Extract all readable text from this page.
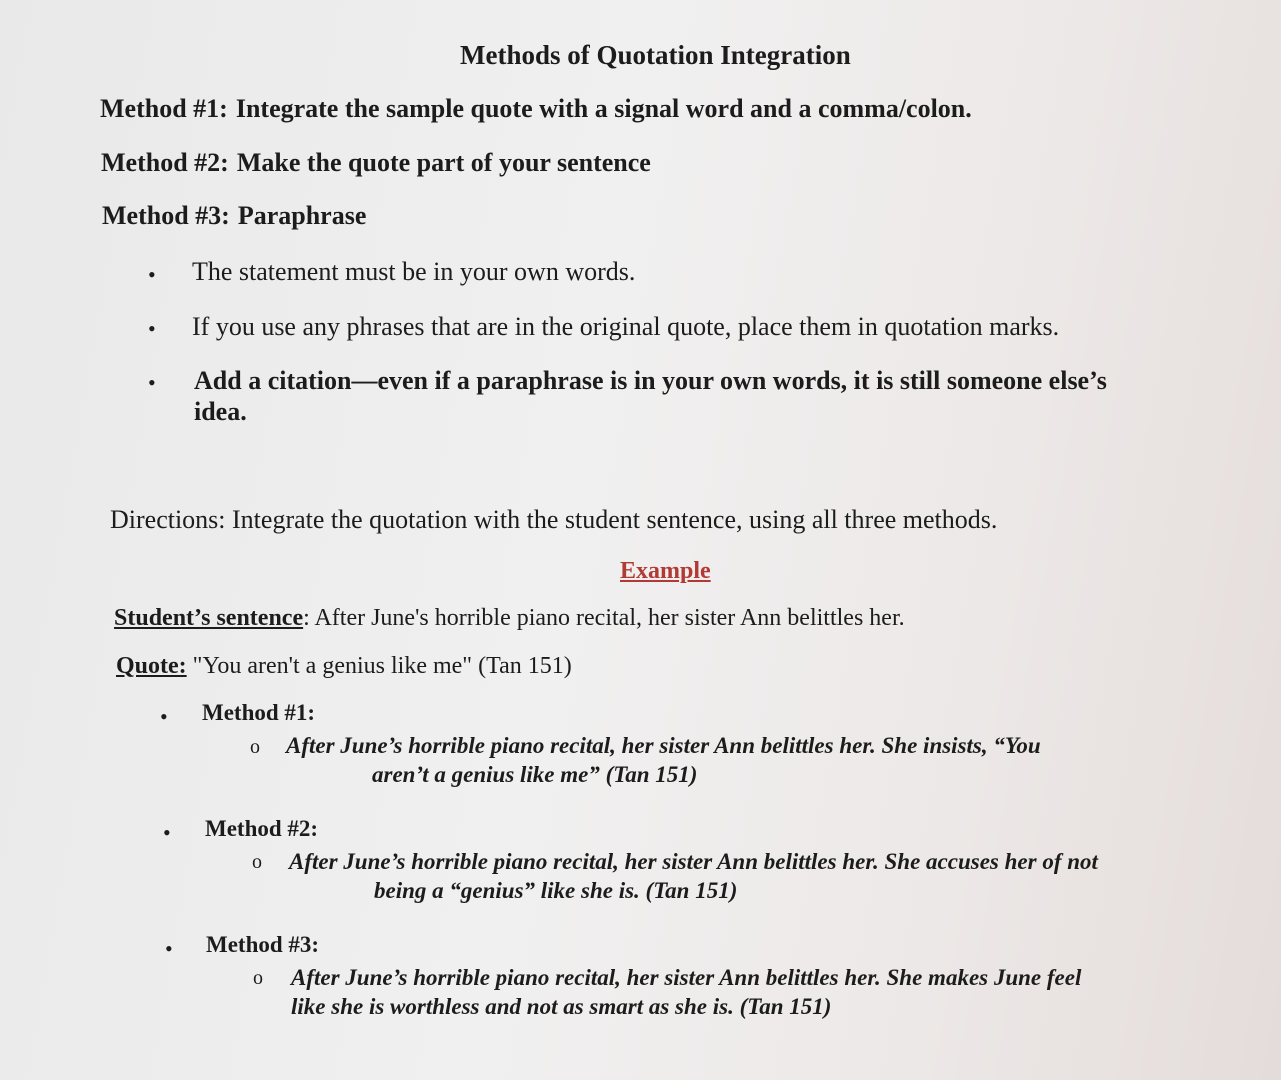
Methods of Quotation Integration
Method #1: Integrate the sample quote with a signal word and a comma/colon.
Method #2: Make the quote part of your sentence
Method #3: Paraphrase
• The statement must be in your own words.
• If you use any phrases that are in the original quote, place them in quotation marks.
• Add a citation—even if a paraphrase is in your own words, it is still someone else’s
idea.
Directions: Integrate the quotation with the student sentence, using all three methods.
Example
Student’s sentence: After June's horrible piano recital, her sister Ann belittles her.
Quote: "You aren't a genius like me" (Tan 151)
• Method #1:
o After June’s horrible piano recital, her sister Ann belittles her. She insists, “You
aren’t a genius like me” (Tan 151)
• Method #2:
o After June’s horrible piano recital, her sister Ann belittles her. She accuses her of not
being a “genius” like she is. (Tan 151)
• Method #3:
o After June’s horrible piano recital, her sister Ann belittles her. She makes June feel
like she is worthless and not as smart as she is. (Tan 151)
